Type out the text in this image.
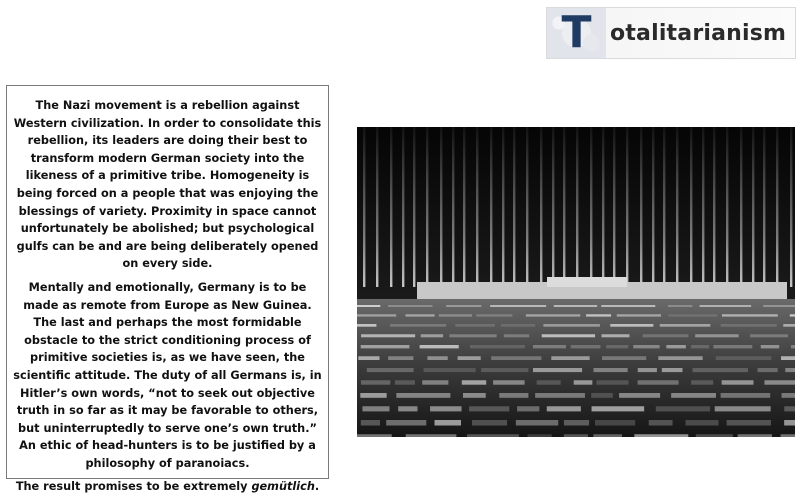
T otalitarianism

The Nazi movement is a rebellion against Western civilization. In order to consolidate this rebellion, its leaders are doing their best to transform modern German society into the likeness of a primitive tribe. Homogeneity is being forced on a people that was enjoying the blessings of variety. Proximity in space cannot unfortunately be abolished; but psychological gulfs can be and are being deliberately opened on every side.

Mentally and emotionally, Germany is to be made as remote from Europe as New Guinea. The last and perhaps the most formidable obstacle to the strict conditioning process of primitive societies is, as we have seen, the scientific attitude. The duty of all Germans is, in Hitler’s own words, “not to seek out objective truth in so far as it may be favorable to others, but uninterruptedly to serve one’s own truth.” An ethic of head-hunters is to be justified by a philosophy of paranoiacs.

The result promises to be extremely gemütlich.
